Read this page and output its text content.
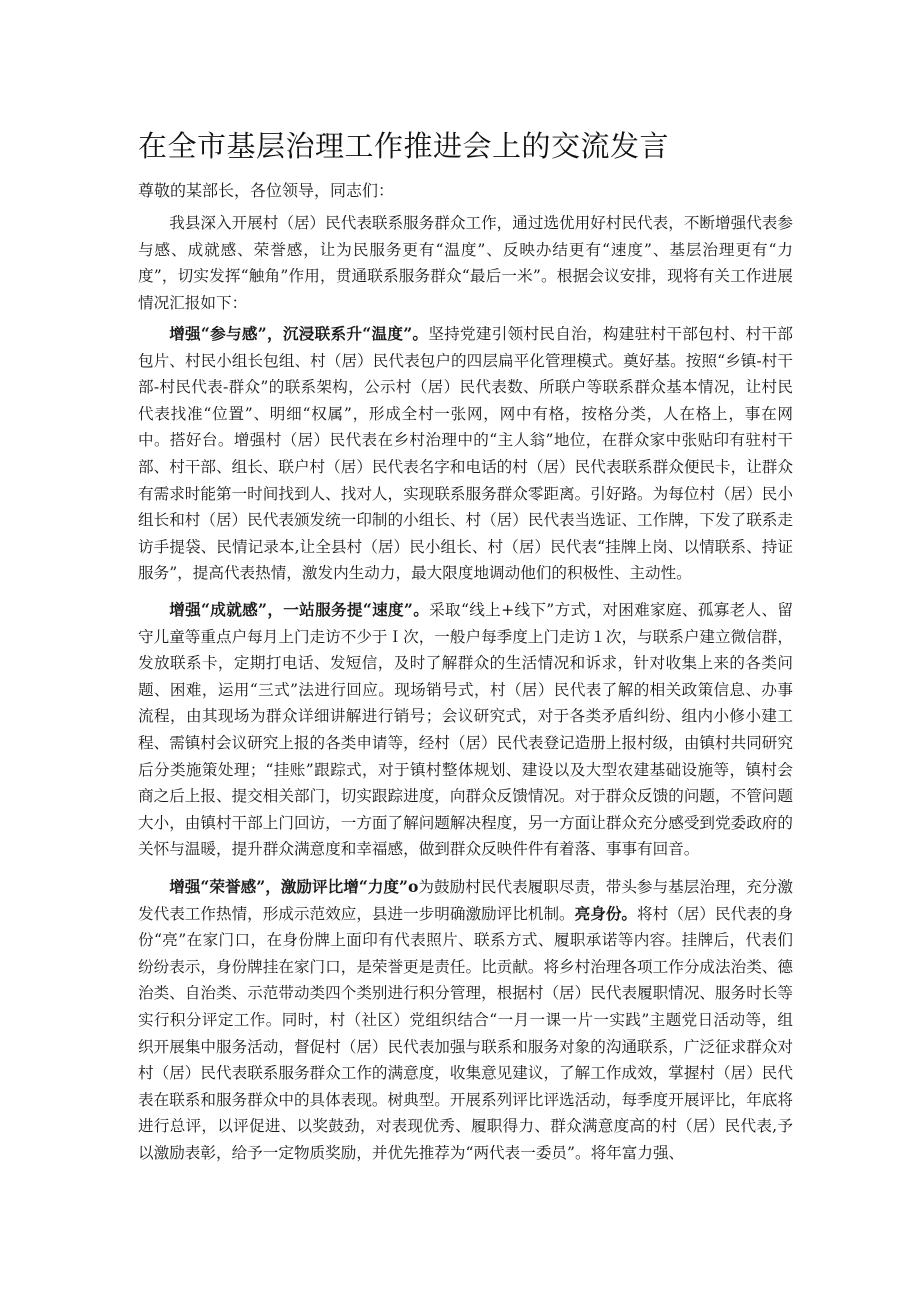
在全市基层治理工作推进会上的交流发言

尊敬的某部长，各位领导，同志们：

我县深入开展村（居）民代表联系服务群众工作，通过选优用好村民代表，不断增强代表参与感、成就感、荣誉感，让为民服务更有“温度”、反映办结更有“速度”、基层治理更有“力度”，切实发挥“触角”作用，贯通联系服务群众“最后一米”。根据会议安排，现将有关工作进展情况汇报如下：

增强“参与感”，沉浸联系升“温度”。坚持党建引领村民自治，构建驻村干部包村、村干部包片、村民小组长包组、村（居）民代表包户的四层扁平化管理模式。奠好基。按照“乡镇-村干部-村民代表-群众”的联系架构，公示村（居）民代表数、所联户等联系群众基本情况，让村民代表找准“位置”、明细“权属”，形成全村一张网，网中有格，按格分类，人在格上，事在网中。搭好台。增强村（居）民代表在乡村治理中的“主人翁”地位，在群众家中张贴印有驻村干部、村干部、组长、联户村（居）民代表名字和电话的村（居）民代表联系群众便民卡，让群众有需求时能第一时间找到人、找对人，实现联系服务群众零距离。引好路。为每位村（居）民小组长和村（居）民代表颁发统一印制的小组长、村（居）民代表当选证、工作牌，下发了联系走访手提袋、民情记录本,让全县村（居）民小组长、村（居）民代表“挂牌上岗、以情联系、持证服务”，提高代表热情，激发内生动力，最大限度地调动他们的积极性、主动性。

增强“成就感”，一站服务提“速度”。采取“线上+线下”方式，对困难家庭、孤寡老人、留守儿童等重点户每月上门走访不少于Ｉ次，一般户每季度上门走访１次，与联系户建立微信群，发放联系卡，定期打电话、发短信，及时了解群众的生活情况和诉求，针对收集上来的各类问题、困难，运用“三式”法进行回应。现场销号式，村（居）民代表了解的相关政策信息、办事流程，由其现场为群众详细讲解进行销号；会议研究式，对于各类矛盾纠纷、组内小修小建工程、需镇村会议研究上报的各类申请等，经村（居）民代表登记造册上报村级，由镇村共同研究后分类施策处理；“挂账”跟踪式，对于镇村整体规划、建设以及大型农建基础设施等，镇村会商之后上报、提交相关部门，切实跟踪进度，向群众反馈情况。对于群众反馈的问题，不管问题大小，由镇村干部上门回访，一方面了解问题解决程度，另一方面让群众充分感受到党委政府的关怀与温暖，提升群众满意度和幸福感，做到群众反映件件有着落、事事有回音。

增强“荣誉感”，激励评比增“力度”o为鼓励村民代表履职尽责，带头参与基层治理，充分激发代表工作热情，形成示范效应，县进一步明确激励评比机制。亮身份。将村（居）民代表的身份“亮”在家门口，在身份牌上面印有代表照片、联系方式、履职承诺等内容。挂牌后，代表们纷纷表示，身份牌挂在家门口，是荣誉更是责任。比贡献。将乡村治理各项工作分成法治类、德治类、自治类、示范带动类四个类别进行积分管理，根据村（居）民代表履职情况、服务时长等实行积分评定工作。同时，村（社区）党组织结合“一月一课一片一实践”主题党日活动等，组织开展集中服务活动，督促村（居）民代表加强与联系和服务对象的沟通联系，广泛征求群众对村（居）民代表联系服务群众工作的满意度，收集意见建议，了解工作成效，掌握村（居）民代表在联系和服务群众中的具体表现。树典型。开展系列评比评选活动，每季度开展评比，年底将进行总评，以评促进、以奖鼓劲，对表现优秀、履职得力、群众满意度高的村（居）民代表,予以激励表彰，给予一定物质奖励，并优先推荐为“两代表一委员”。将年富力强、
